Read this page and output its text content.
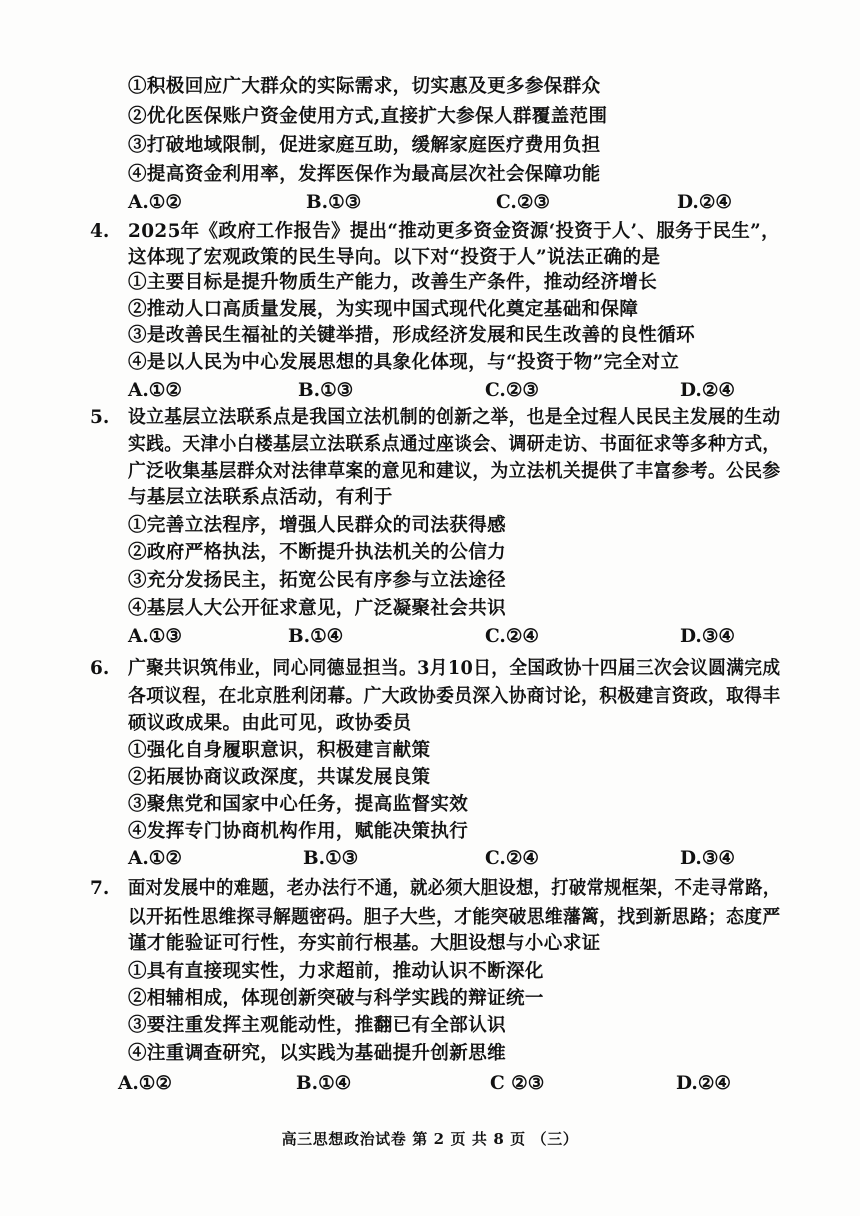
①积极回应广大群众的实际需求，切实惠及更多参保群众
②优化医保账户资金使用方式,直接扩大参保人群覆盖范围
③打破地域限制，促进家庭互助，缓解家庭医疗费用负担
④提高资金利用率，发挥医保作为最高层次社会保障功能
A.①②	B.①③	C.②③	D.②④
4. 2025年《政府工作报告》提出“推动更多资金资源‘投资于人’、服务于民生”，
这体现了宏观政策的民生导向。以下对“投资于人”说法正确的是
①主要目标是提升物质生产能力，改善生产条件，推动经济增长
②推动人口高质量发展，为实现中国式现代化奠定基础和保障
③是改善民生福祉的关键举措，形成经济发展和民生改善的良性循环
④是以人民为中心发展思想的具象化体现，与“投资于物”完全对立
A.①②	B.①③	C.②③	D.②④
5. 设立基层立法联系点是我国立法机制的创新之举，也是全过程人民民主发展的生动
实践。天津小白楼基层立法联系点通过座谈会、调研走访、书面征求等多种方式，
广泛收集基层群众对法律草案的意见和建议，为立法机关提供了丰富参考。公民参
与基层立法联系点活动，有利于
①完善立法程序，增强人民群众的司法获得感
②政府严格执法，不断提升执法机关的公信力
③充分发扬民主，拓宽公民有序参与立法途径
④基层人大公开征求意见，广泛凝聚社会共识
A.①③	B.①④	C.②④	D.③④
6. 广聚共识筑伟业，同心同德显担当。3月10日，全国政协十四届三次会议圆满完成
各项议程，在北京胜利闭幕。广大政协委员深入协商讨论，积极建言资政，取得丰
硕议政成果。由此可见，政协委员
①强化自身履职意识，积极建言献策
②拓展协商议政深度，共谋发展良策
③聚焦党和国家中心任务，提高监督实效
④发挥专门协商机构作用，赋能决策执行
A.①②	B.①③	C.②④	D.③④
7. 面对发展中的难题，老办法行不通，就必须大胆设想，打破常规框架，不走寻常路，
以开拓性思维探寻解题密码。胆子大些，才能突破思维藩篱，找到新思路；态度严
谨才能验证可行性，夯实前行根基。大胆设想与小心求证
①具有直接现实性，力求超前，推动认识不断深化
②相辅相成，体现创新突破与科学实践的辩证统一
③要注重发挥主观能动性，推翻已有全部认识
④注重调查研究，以实践为基础提升创新思维
A.①②	B.①④	C ②③	D.②④
高三思想政治试卷 第 2 页 共 8 页 （三）
